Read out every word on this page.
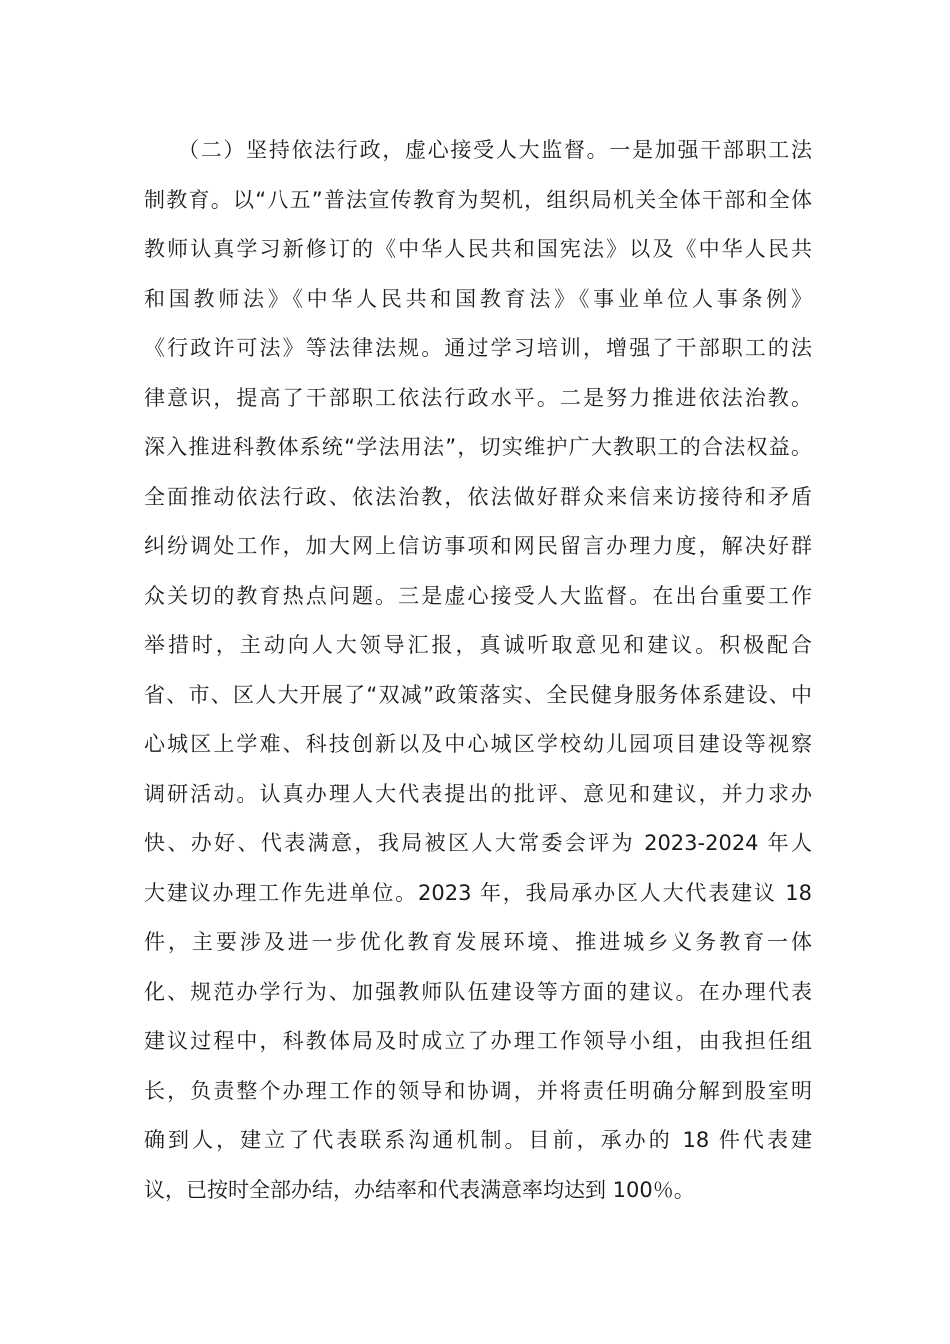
（二）坚持依法行政，虚心接受人大监督。一是加强干部职工法
制教育。以“八五”普法宣传教育为契机，组织局机关全体干部和全体
教师认真学习新修订的《中华人民共和国宪法》以及《中华人民共
和国教师法》《中华人民共和国教育法》《事业单位人事条例》
《行政许可法》等法律法规。通过学习培训，增强了干部职工的法
律意识，提高了干部职工依法行政水平。二是努力推进依法治教。
深入推进科教体系统“学法用法”，切实维护广大教职工的合法权益。
全面推动依法行政、依法治教，依法做好群众来信来访接待和矛盾
纠纷调处工作，加大网上信访事项和网民留言办理力度，解决好群
众关切的教育热点问题。三是虚心接受人大监督。在出台重要工作
举措时，主动向人大领导汇报，真诚听取意见和建议。积极配合
省、市、区人大开展了“双减”政策落实、全民健身服务体系建设、中
心城区上学难、科技创新以及中心城区学校幼儿园项目建设等视察
调研活动。认真办理人大代表提出的批评、意见和建议，并力求办
快、办好、代表满意，我局被区人大常委会评为 2023-2024 年人
大建议办理工作先进单位。2023 年，我局承办区人大代表建议 18
件，主要涉及进一步优化教育发展环境、推进城乡义务教育一体
化、规范办学行为、加强教师队伍建设等方面的建议。在办理代表
建议过程中，科教体局及时成立了办理工作领导小组，由我担任组
长，负责整个办理工作的领导和协调，并将责任明确分解到股室明
确到人，建立了代表联系沟通机制。目前，承办的 18 件代表建
议，已按时全部办结，办结率和代表满意率均达到 100％。
